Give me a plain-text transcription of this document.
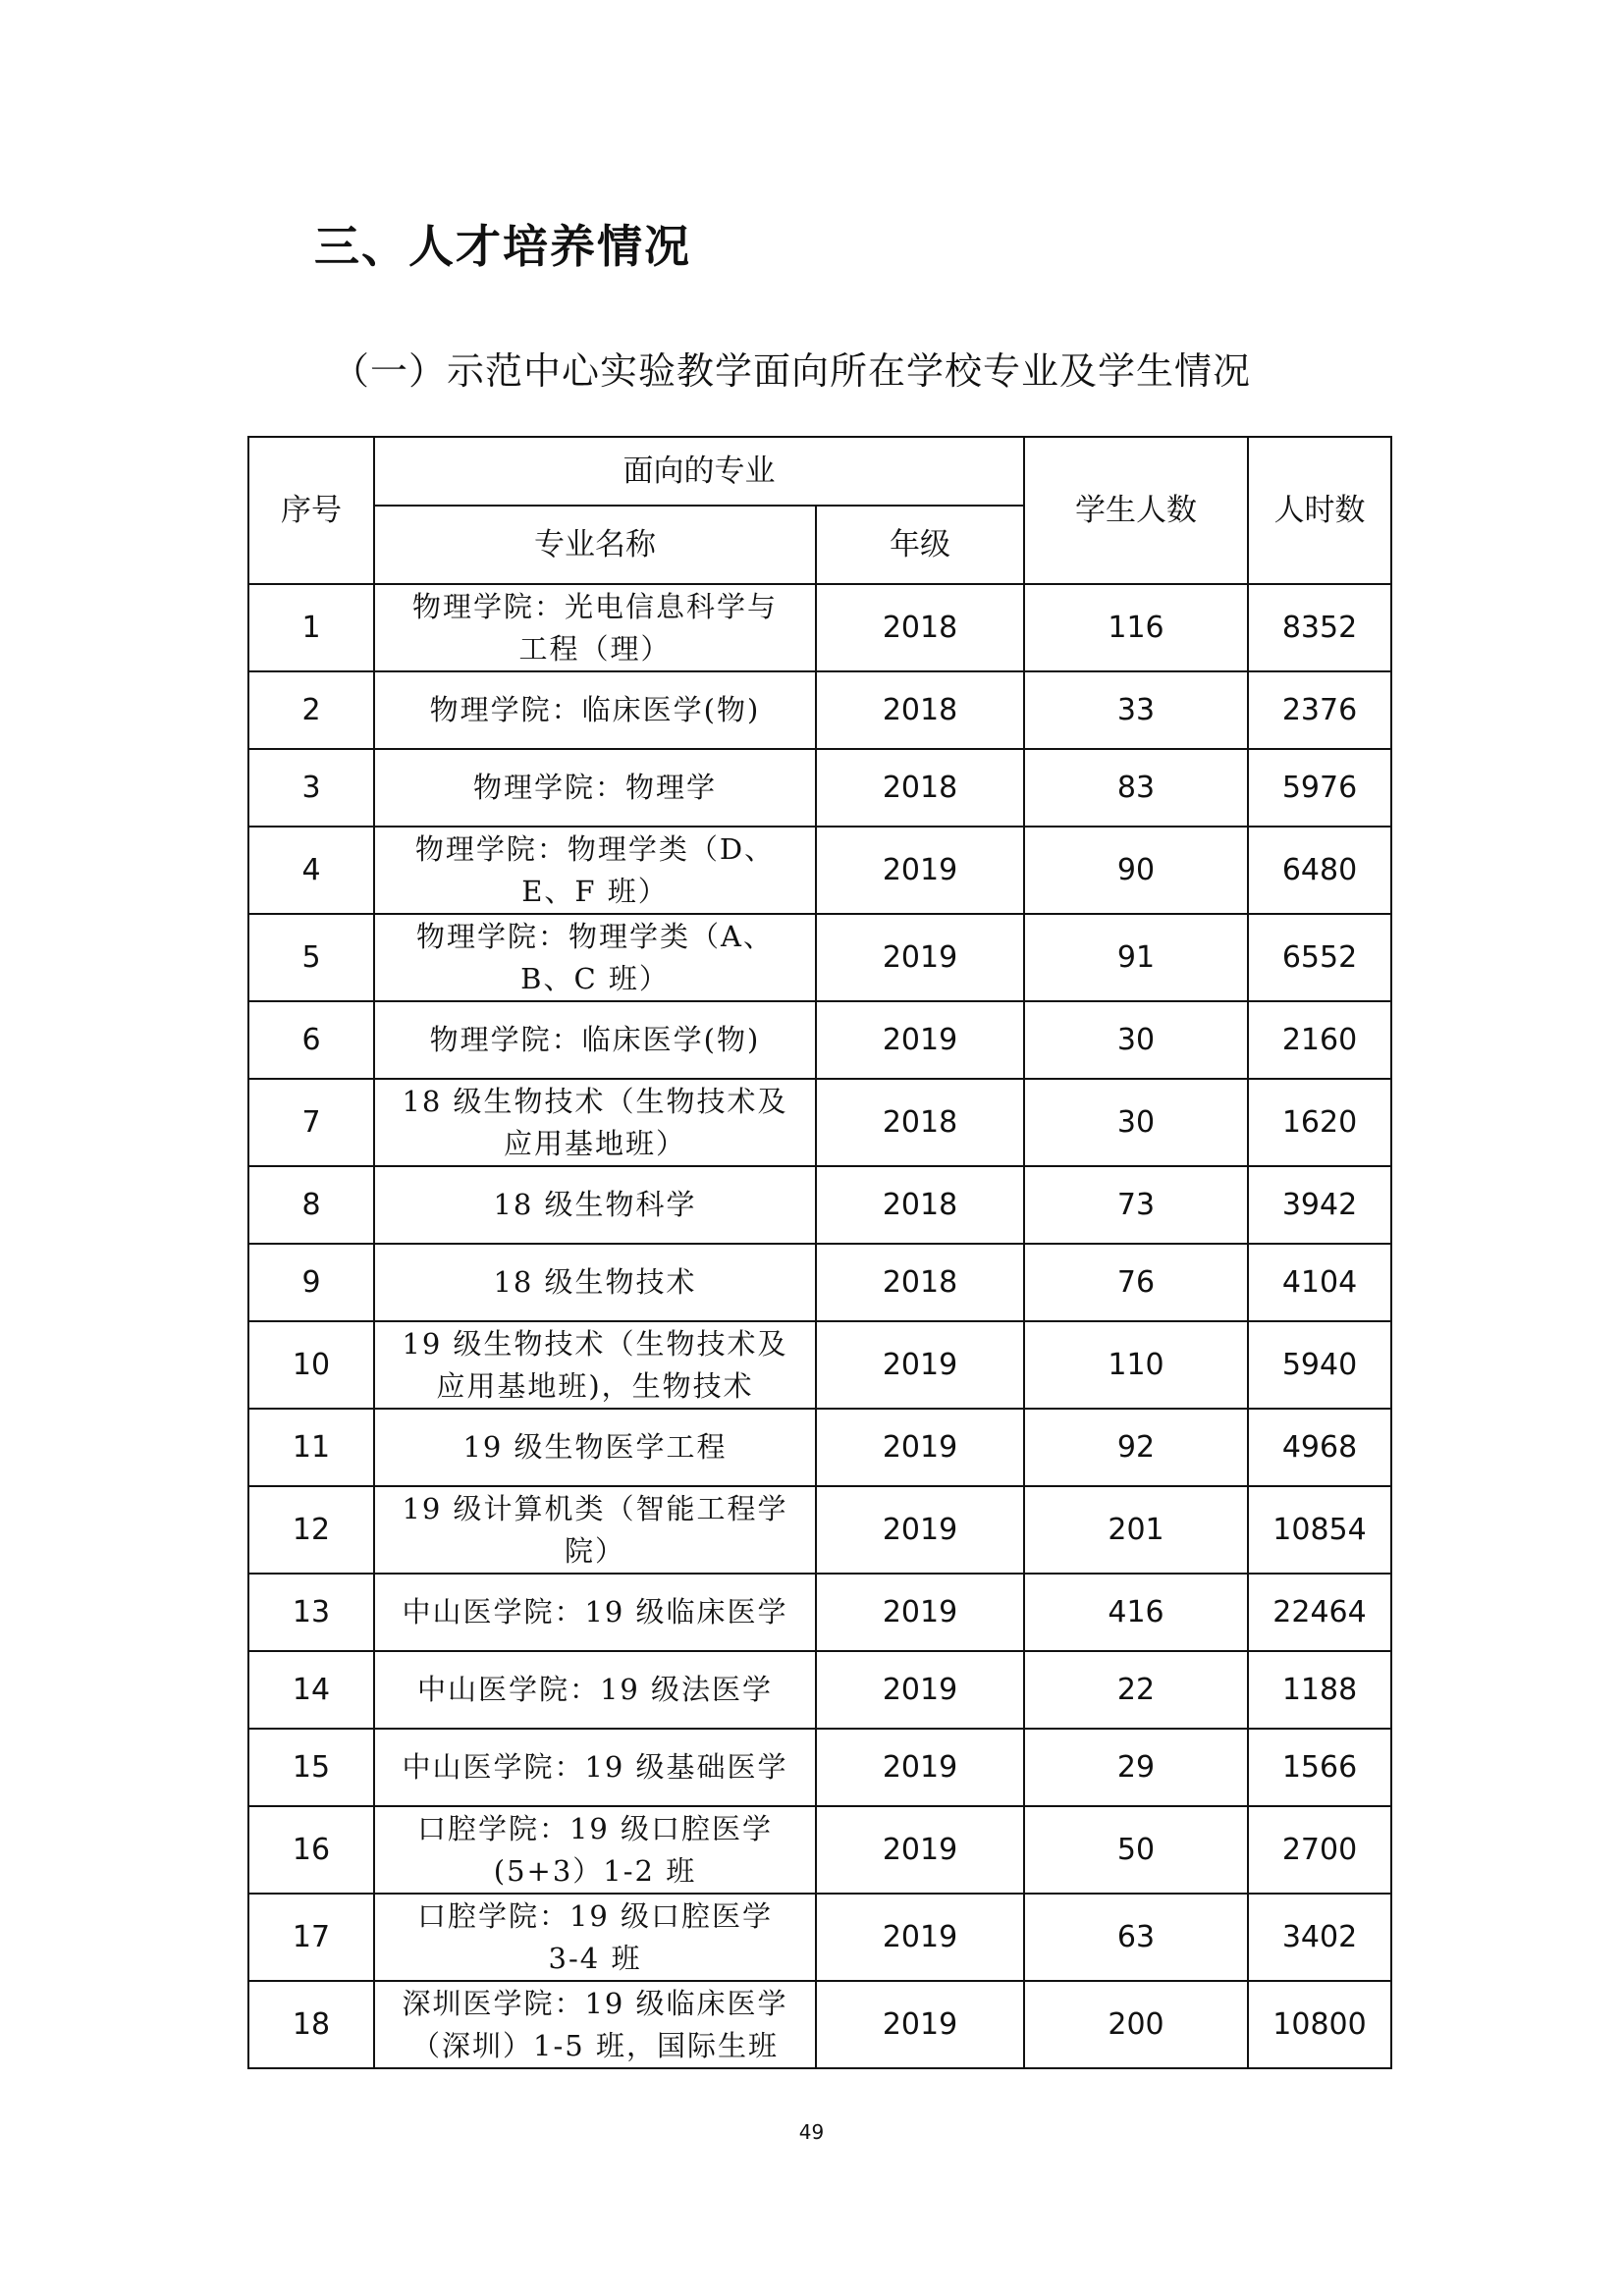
三、人才培养情况
（一）示范中心实验教学面向所在学校专业及学生情况
序号	面向的专业		学生人数	人时数
	专业名称	年级		
1	物理学院：光电信息科学与
工程（理）	2018	116	8352
2	物理学院：临床医学(物)	2018	33	2376
3	物理学院：物理学	2018	83	5976
4	物理学院：物理学类（D、
E、F 班）	2019	90	6480
5	物理学院：物理学类（A、
B、C 班）	2019	91	6552
6	物理学院：临床医学(物)	2019	30	2160
7	18 级生物技术（生物技术及
应用基地班）	2018	30	1620
8	18 级生物科学	2018	73	3942
9	18 级生物技术	2018	76	4104
10	19 级生物技术（生物技术及
应用基地班)，生物技术	2019	110	5940
11	19 级生物医学工程	2019	92	4968
12	19 级计算机类（智能工程学
院）	2019	201	10854
13	中山医学院：19 级临床医学	2019	416	22464
14	中山医学院：19 级法医学	2019	22	1188
15	中山医学院：19 级基础医学	2019	29	1566
16	口腔学院：19 级口腔医学
(5+3）1-2 班	2019	50	2700
17	口腔学院：19 级口腔医学
3-4 班	2019	63	3402
18	深圳医学院：19 级临床医学
（深圳）1-5 班，国际生班	2019	200	10800
49
